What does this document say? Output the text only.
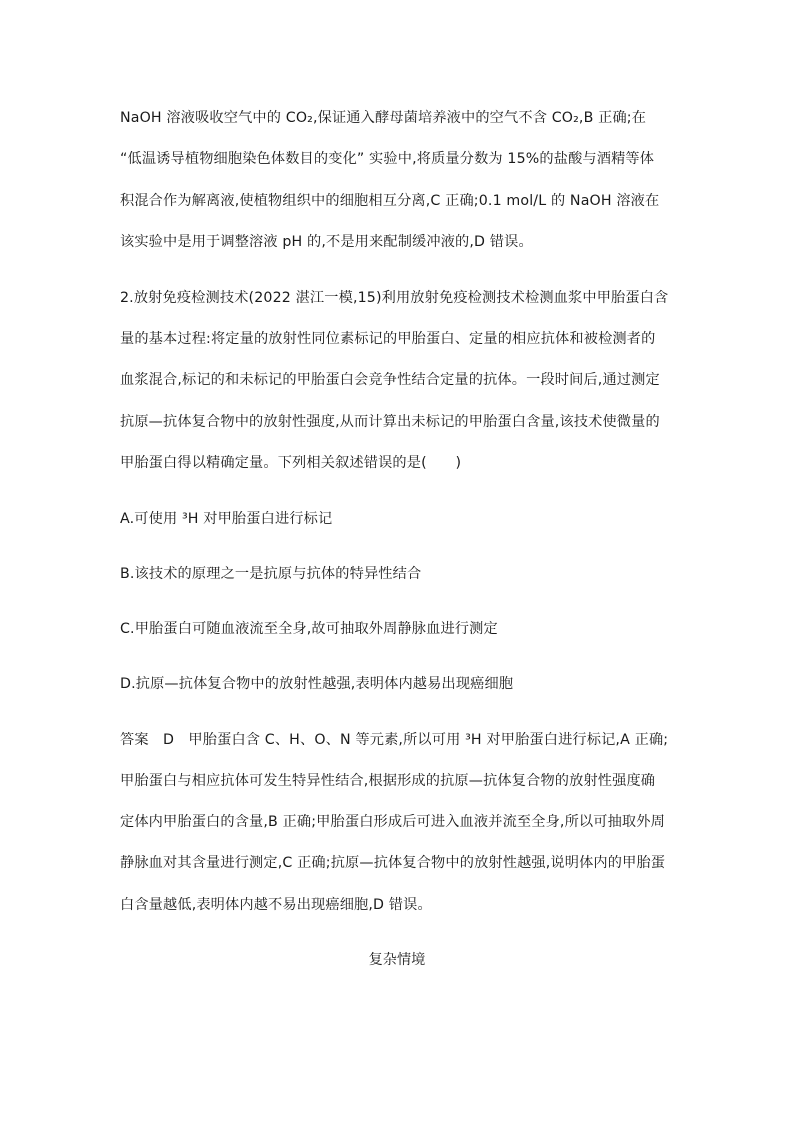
NaOH 溶液吸收空气中的 CO₂,保证通入酵母菌培养液中的空气不含 CO₂,B 正确;在
“低温诱导植物细胞染色体数目的变化” 实验中,将质量分数为 15%的盐酸与酒精等体
积混合作为解离液,使植物组织中的细胞相互分离,C 正确;0.1 mol/L 的 NaOH 溶液在
该实验中是用于调整溶液 pH 的,不是用来配制缓冲液的,D 错误。
2.放射免疫检测技术(2022 湛江一模,15)利用放射免疫检测技术检测血浆中甲胎蛋白含
量的基本过程:将定量的放射性同位素标记的甲胎蛋白、定量的相应抗体和被检测者的
血浆混合,标记的和未标记的甲胎蛋白会竞争性结合定量的抗体。一段时间后,通过测定
抗原—抗体复合物中的放射性强度,从而计算出未标记的甲胎蛋白含量,该技术使微量的
甲胎蛋白得以精确定量。下列相关叙述错误的是(　　)
A.可使用 ³H 对甲胎蛋白进行标记
B.该技术的原理之一是抗原与抗体的特异性结合
C.甲胎蛋白可随血液流至全身,故可抽取外周静脉血进行测定
D.抗原—抗体复合物中的放射性越强,表明体内越易出现癌细胞
答案　D　甲胎蛋白含 C、H、O、N 等元素,所以可用 ³H 对甲胎蛋白进行标记,A 正确;
甲胎蛋白与相应抗体可发生特异性结合,根据形成的抗原—抗体复合物的放射性强度确
定体内甲胎蛋白的含量,B 正确;甲胎蛋白形成后可进入血液并流至全身,所以可抽取外周
静脉血对其含量进行测定,C 正确;抗原—抗体复合物中的放射性越强,说明体内的甲胎蛋
白含量越低,表明体内越不易出现癌细胞,D 错误。
复杂情境
